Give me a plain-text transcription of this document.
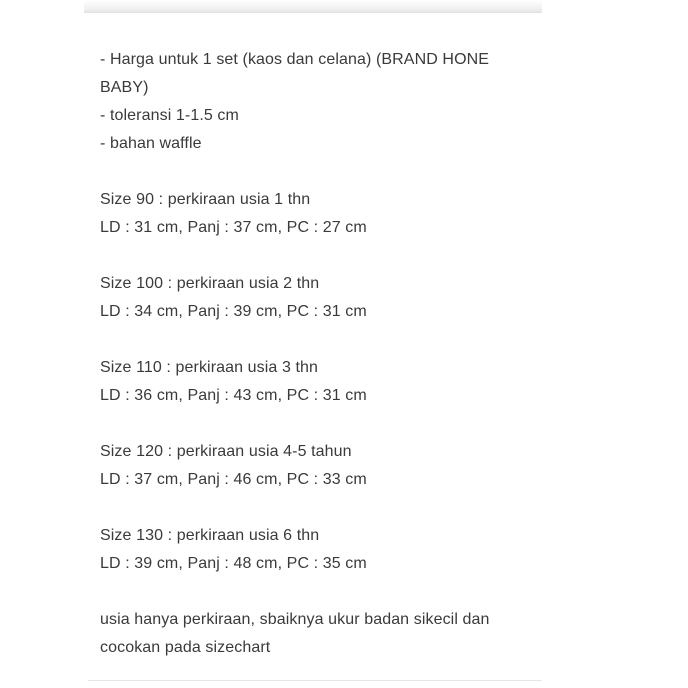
- Harga untuk 1 set (kaos dan celana) (BRAND HONE
BABY)
- toleransi 1-1.5 cm
- bahan waffle
Size 90 : perkiraan usia 1 thn
LD : 31 cm, Panj : 37 cm, PC : 27 cm
Size 100 : perkiraan usia 2 thn
LD : 34 cm, Panj : 39 cm, PC : 31 cm
Size 110 : perkiraan usia 3 thn
LD : 36 cm, Panj : 43 cm, PC : 31 cm
Size 120 : perkiraan usia 4-5 tahun
LD : 37 cm, Panj : 46 cm, PC : 33 cm
Size 130 : perkiraan usia 6 thn
LD : 39 cm, Panj : 48 cm, PC : 35 cm
usia hanya perkiraan, sbaiknya ukur badan sikecil dan
cocokan pada sizechart
